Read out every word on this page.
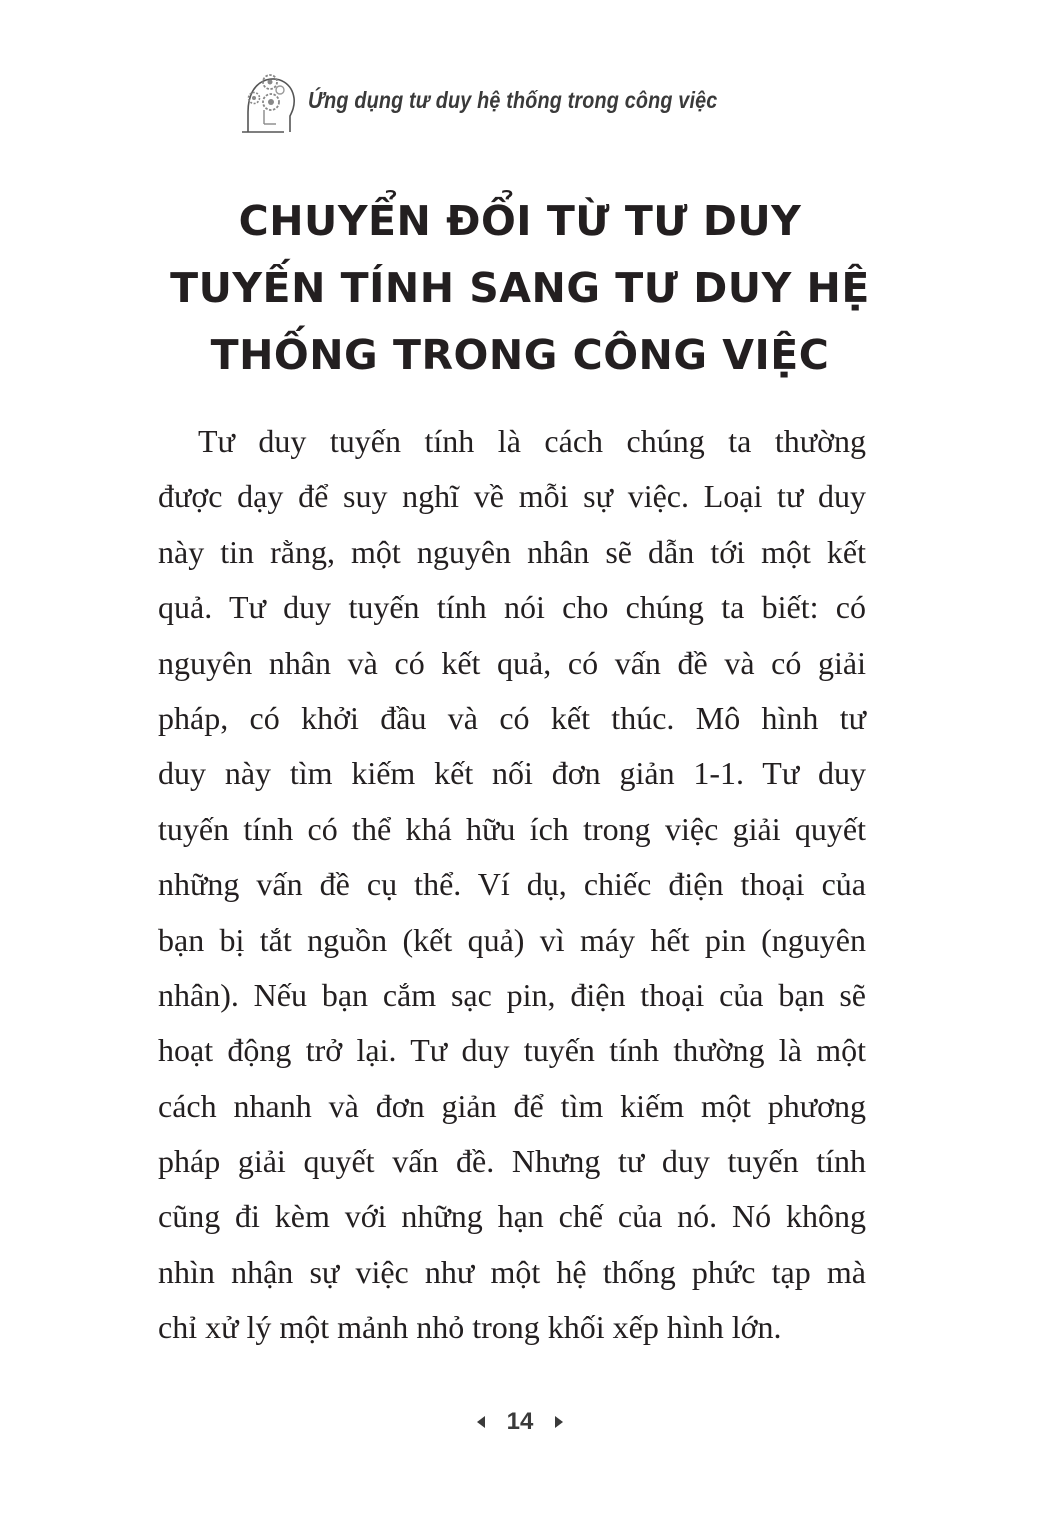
Ứng dụng tư duy hệ thống trong công việc
CHUYỂN ĐỔI TỪ TƯ DUY
TUYẾN TÍNH SANG TƯ DUY HỆ
THỐNG TRONG CÔNG VIỆC
Tư duy tuyến tính là cách chúng ta thường
được dạy để suy nghĩ về mỗi sự việc. Loại tư duy
này tin rằng, một nguyên nhân sẽ dẫn tới một kết
quả. Tư duy tuyến tính nói cho chúng ta biết: có
nguyên nhân và có kết quả, có vấn đề và có giải
pháp, có khởi đầu và có kết thúc. Mô hình tư
duy này tìm kiếm kết nối đơn giản 1-1. Tư duy
tuyến tính có thể khá hữu ích trong việc giải quyết
những vấn đề cụ thể. Ví dụ, chiếc điện thoại của
bạn bị tắt nguồn (kết quả) vì máy hết pin (nguyên
nhân). Nếu bạn cắm sạc pin, điện thoại của bạn sẽ
hoạt động trở lại. Tư duy tuyến tính thường là một
cách nhanh và đơn giản để tìm kiếm một phương
pháp giải quyết vấn đề. Nhưng tư duy tuyến tính
cũng đi kèm với những hạn chế của nó. Nó không
nhìn nhận sự việc như một hệ thống phức tạp mà
chỉ xử lý một mảnh nhỏ trong khối xếp hình lớn.
14
